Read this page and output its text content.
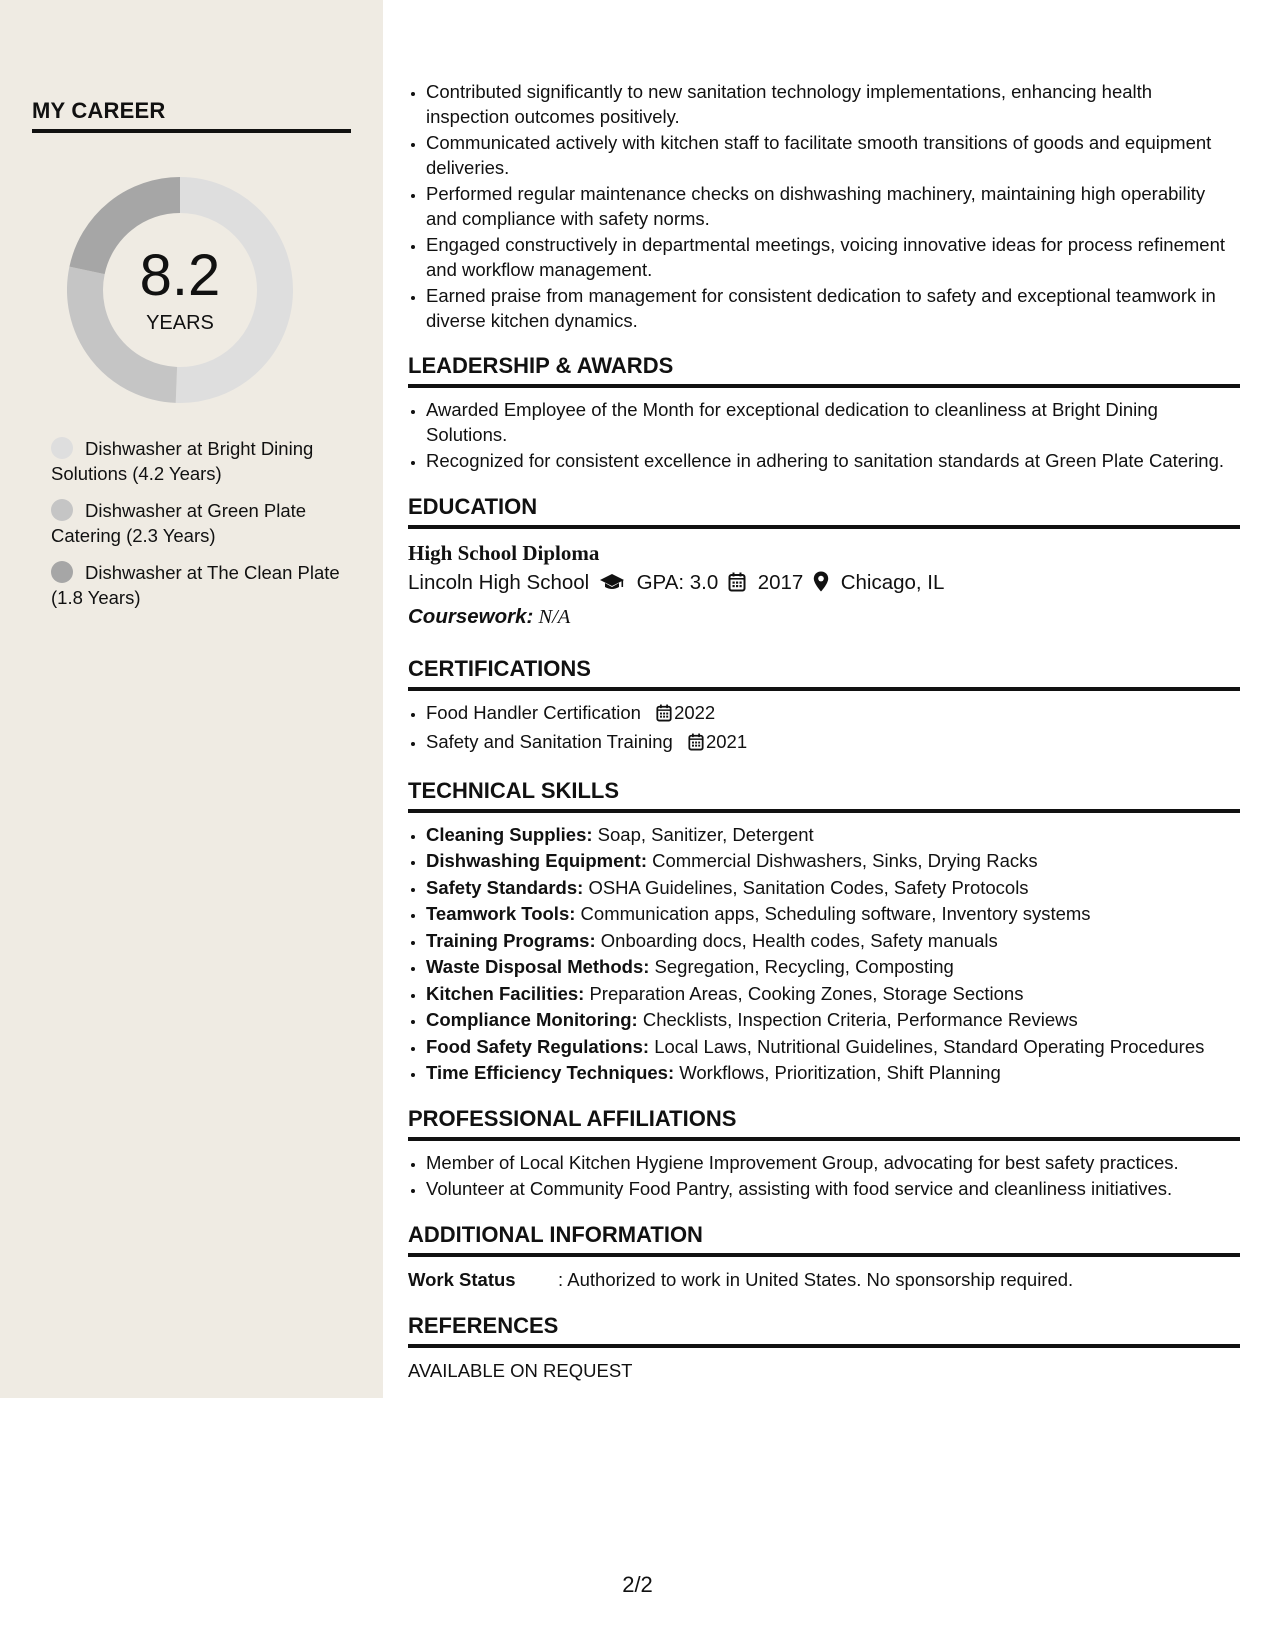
MY CAREER
8.2
YEARS
Dishwasher at Bright Dining Solutions (4.2 Years)
Dishwasher at Green Plate Catering (2.3 Years)
Dishwasher at The Clean Plate (1.8 Years)
• Contributed significantly to new sanitation technology implementations, enhancing health inspection outcomes positively.
• Communicated actively with kitchen staff to facilitate smooth transitions of goods and equipment deliveries.
• Performed regular maintenance checks on dishwashing machinery, maintaining high operability and compliance with safety norms.
• Engaged constructively in departmental meetings, voicing innovative ideas for process refinement and workflow management.
• Earned praise from management for consistent dedication to safety and exceptional teamwork in diverse kitchen dynamics.
LEADERSHIP & AWARDS
• Awarded Employee of the Month for exceptional dedication to cleanliness at Bright Dining Solutions.
• Recognized for consistent excellence in adhering to sanitation standards at Green Plate Catering.
EDUCATION
High School Diploma
Lincoln High School GPA: 3.0 2017 Chicago, IL
Coursework: N/A
CERTIFICATIONS
• Food Handler Certification 2022
• Safety and Sanitation Training 2021
TECHNICAL SKILLS
• Cleaning Supplies: Soap, Sanitizer, Detergent
• Dishwashing Equipment: Commercial Dishwashers, Sinks, Drying Racks
• Safety Standards: OSHA Guidelines, Sanitation Codes, Safety Protocols
• Teamwork Tools: Communication apps, Scheduling software, Inventory systems
• Training Programs: Onboarding docs, Health codes, Safety manuals
• Waste Disposal Methods: Segregation, Recycling, Composting
• Kitchen Facilities: Preparation Areas, Cooking Zones, Storage Sections
• Compliance Monitoring: Checklists, Inspection Criteria, Performance Reviews
• Food Safety Regulations: Local Laws, Nutritional Guidelines, Standard Operating Procedures
• Time Efficiency Techniques: Workflows, Prioritization, Shift Planning
PROFESSIONAL AFFILIATIONS
• Member of Local Kitchen Hygiene Improvement Group, advocating for best safety practices.
• Volunteer at Community Food Pantry, assisting with food service and cleanliness initiatives.
ADDITIONAL INFORMATION
Work Status : Authorized to work in United States. No sponsorship required.
REFERENCES
AVAILABLE ON REQUEST
2/2
